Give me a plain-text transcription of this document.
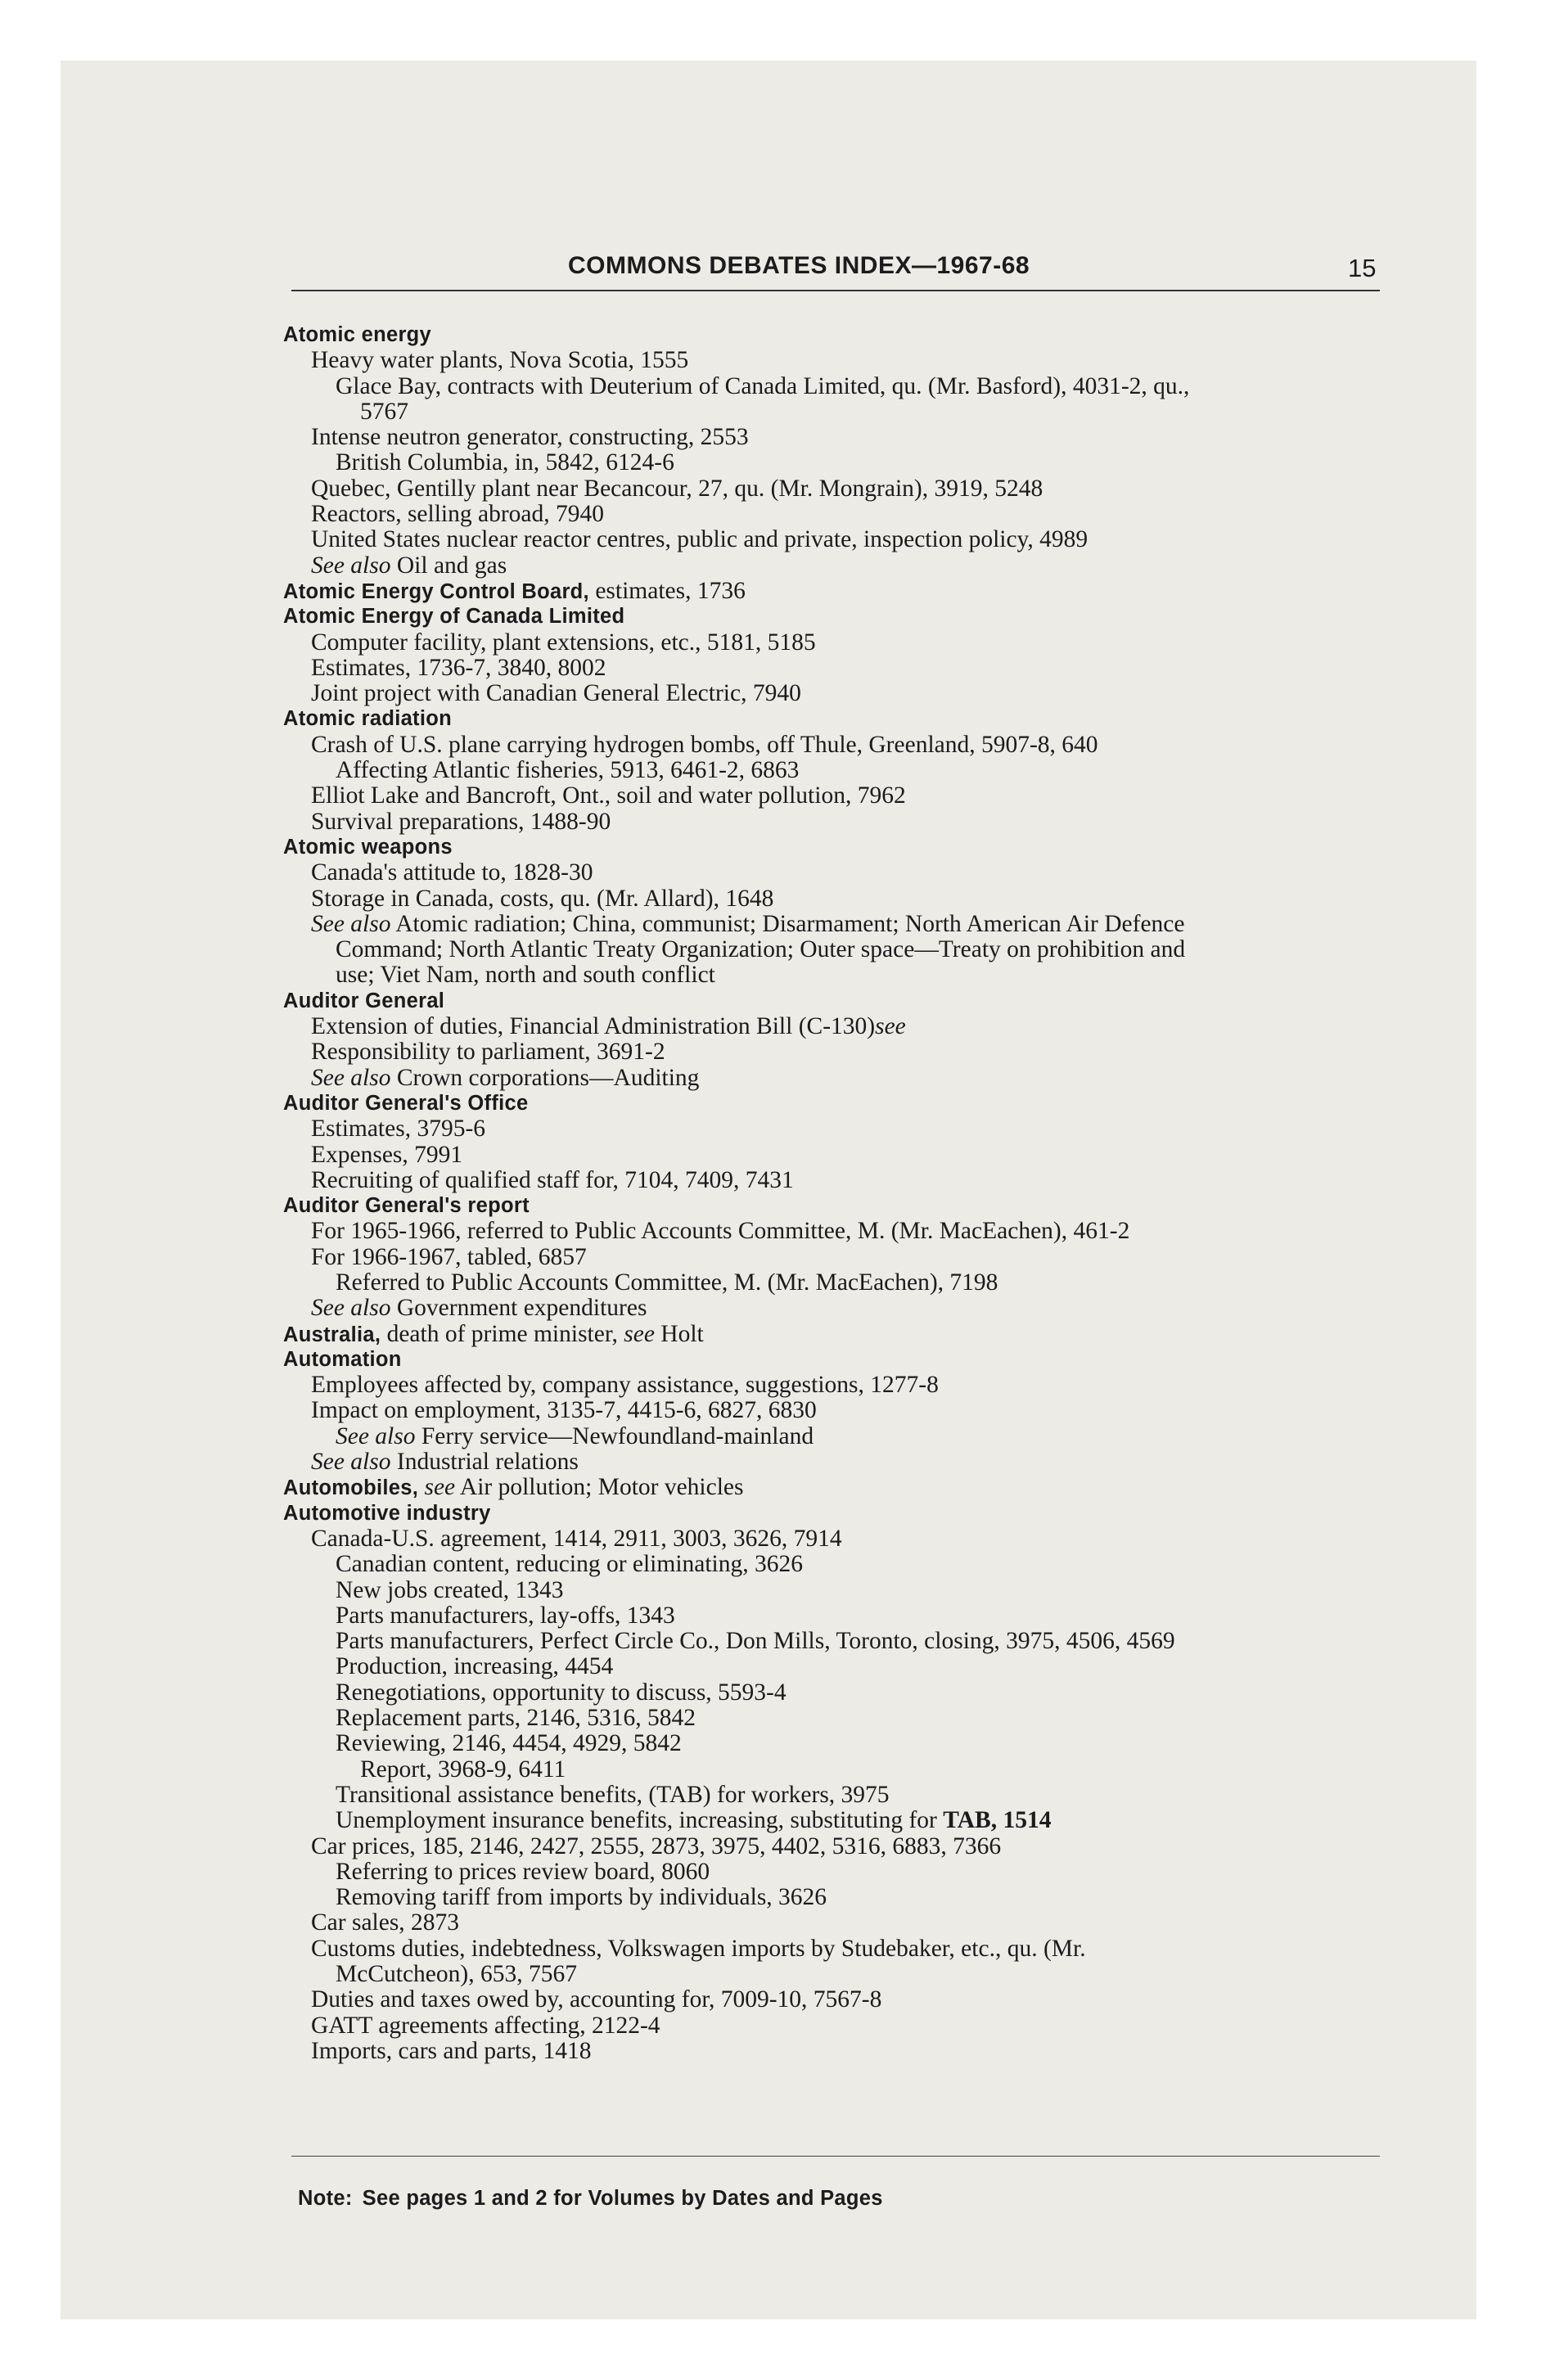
COMMONS DEBATES INDEX—1967-68	15
Atomic energy
Heavy water plants, Nova Scotia, 1555
Glace Bay, contracts with Deuterium of Canada Limited, qu. (Mr. Basford), 4031-2, qu.,
5767
Intense neutron generator, constructing, 2553
British Columbia, in, 5842, 6124-6
Quebec, Gentilly plant near Becancour, 27, qu. (Mr. Mongrain), 3919, 5248
Reactors, selling abroad, 7940
United States nuclear reactor centres, public and private, inspection policy, 4989
See also Oil and gas
Atomic Energy Control Board, estimates, 1736
Atomic Energy of Canada Limited
Computer facility, plant extensions, etc., 5181, 5185
Estimates, 1736-7, 3840, 8002
Joint project with Canadian General Electric, 7940
Atomic radiation
Crash of U.S. plane carrying hydrogen bombs, off Thule, Greenland, 5907-8, 640
Affecting Atlantic fisheries, 5913, 6461-2, 6863
Elliot Lake and Bancroft, Ont., soil and water pollution, 7962
Survival preparations, 1488-90
Atomic weapons
Canada's attitude to, 1828-30
Storage in Canada, costs, qu. (Mr. Allard), 1648
See also Atomic radiation; China, communist; Disarmament; North American Air Defence
Command; North Atlantic Treaty Organization; Outer space—Treaty on prohibition and
use; Viet Nam, north and south conflict
Auditor General
Extension of duties, Financial Administration Bill (C-130)see
Responsibility to parliament, 3691-2
See also Crown corporations—Auditing
Auditor General's Office
Estimates, 3795-6
Expenses, 7991
Recruiting of qualified staff for, 7104, 7409, 7431
Auditor General's report
For 1965-1966, referred to Public Accounts Committee, M. (Mr. MacEachen), 461-2
For 1966-1967, tabled, 6857
Referred to Public Accounts Committee, M. (Mr. MacEachen), 7198
See also Government expenditures
Australia, death of prime minister, see Holt
Automation
Employees affected by, company assistance, suggestions, 1277-8
Impact on employment, 3135-7, 4415-6, 6827, 6830
See also Ferry service—Newfoundland-mainland
See also Industrial relations
Automobiles, see Air pollution; Motor vehicles
Automotive industry
Canada-U.S. agreement, 1414, 2911, 3003, 3626, 7914
Canadian content, reducing or eliminating, 3626
New jobs created, 1343
Parts manufacturers, lay-offs, 1343
Parts manufacturers, Perfect Circle Co., Don Mills, Toronto, closing, 3975, 4506, 4569
Production, increasing, 4454
Renegotiations, opportunity to discuss, 5593-4
Replacement parts, 2146, 5316, 5842
Reviewing, 2146, 4454, 4929, 5842
Report, 3968-9, 6411
Transitional assistance benefits, (TAB) for workers, 3975
Unemployment insurance benefits, increasing, substituting for TAB, 1514
Car prices, 185, 2146, 2427, 2555, 2873, 3975, 4402, 5316, 6883, 7366
Referring to prices review board, 8060
Removing tariff from imports by individuals, 3626
Car sales, 2873
Customs duties, indebtedness, Volkswagen imports by Studebaker, etc., qu. (Mr.
McCutcheon), 653, 7567
Duties and taxes owed by, accounting for, 7009-10, 7567-8
GATT agreements affecting, 2122-4
Imports, cars and parts, 1418
Note: See pages 1 and 2 for Volumes by Dates and Pages
